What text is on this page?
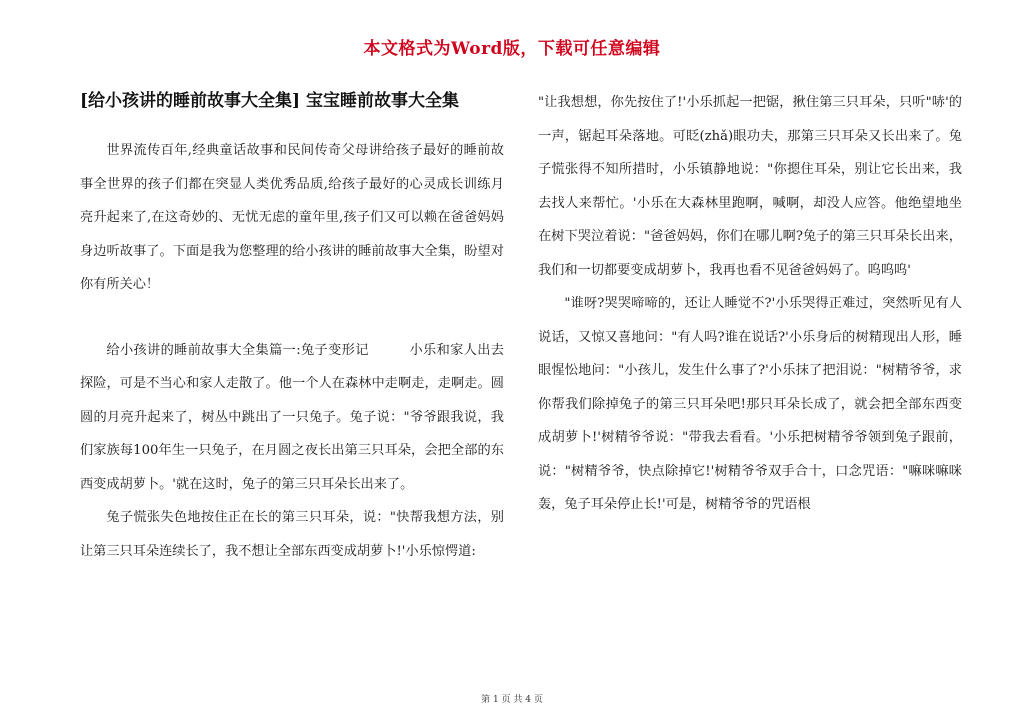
本文格式为Word版，下载可任意编辑
[给小孩讲的睡前故事大全集] 宝宝睡前故事大全集

世界流传百年,经典童话故事和民间传奇父母讲给孩子最好的睡前故事全世界的孩子们都在突显人类优秀品质,给孩子最好的心灵成长训练月亮升起来了,在这奇妙的、无忧无虑的童年里,孩子们又可以赖在爸爸妈妈身边听故事了。下面是我为您整理的给小孩讲的睡前故事大全集，盼望对你有所关心！

给小孩讲的睡前故事大全集篇一:兔子变形记　　　小乐和家人出去探险，可是不当心和家人走散了。他一个人在森林中走啊走，走啊走。圆圆的月亮升起来了，树丛中跳出了一只兔子。兔子说："爷爷跟我说，我们家族每100年生一只兔子，在月圆之夜长出第三只耳朵，会把全部的东西变成胡萝卜。'就在这时，兔子的第三只耳朵长出来了。

兔子慌张失色地按住正在长的第三只耳朵，说："快帮我想方法，别让第三只耳朵连续长了，我不想让全部东西变成胡萝卜!'小乐惊愕道:

"让我想想，你先按住了!'小乐抓起一把锯，揪住第三只耳朵，只听"哧'的一声，锯起耳朵落地。可眨(zhǎ)眼功夫，那第三只耳朵又长出来了。兔子慌张得不知所措时，小乐镇静地说："你摁住耳朵，别让它长出来，我去找人来帮忙。'小乐在大森林里跑啊，喊啊，却没人应答。他绝望地坐在树下哭泣着说："爸爸妈妈，你们在哪儿啊?兔子的第三只耳朵长出来，我们和一切都要变成胡萝卜，我再也看不见爸爸妈妈了。呜呜呜'

"谁呀?哭哭啼啼的，还让人睡觉不?'小乐哭得正难过，突然听见有人说话，又惊又喜地问："有人吗?谁在说话?'小乐身后的树精现出人形，睡眼惺忪地问："小孩儿，发生什么事了?'小乐抹了把泪说："树精爷爷，求你帮我们除掉兔子的第三只耳朵吧!那只耳朵长成了，就会把全部东西变成胡萝卜!'树精爷爷说："带我去看看。'小乐把树精爷爷领到兔子跟前，说："树精爷爷，快点除掉它!'树精爷爷双手合十，口念咒语："嘛咪嘛咪轰，兔子耳朵停止长!'可是，树精爷爷的咒语根

第 1 页 共 4 页
